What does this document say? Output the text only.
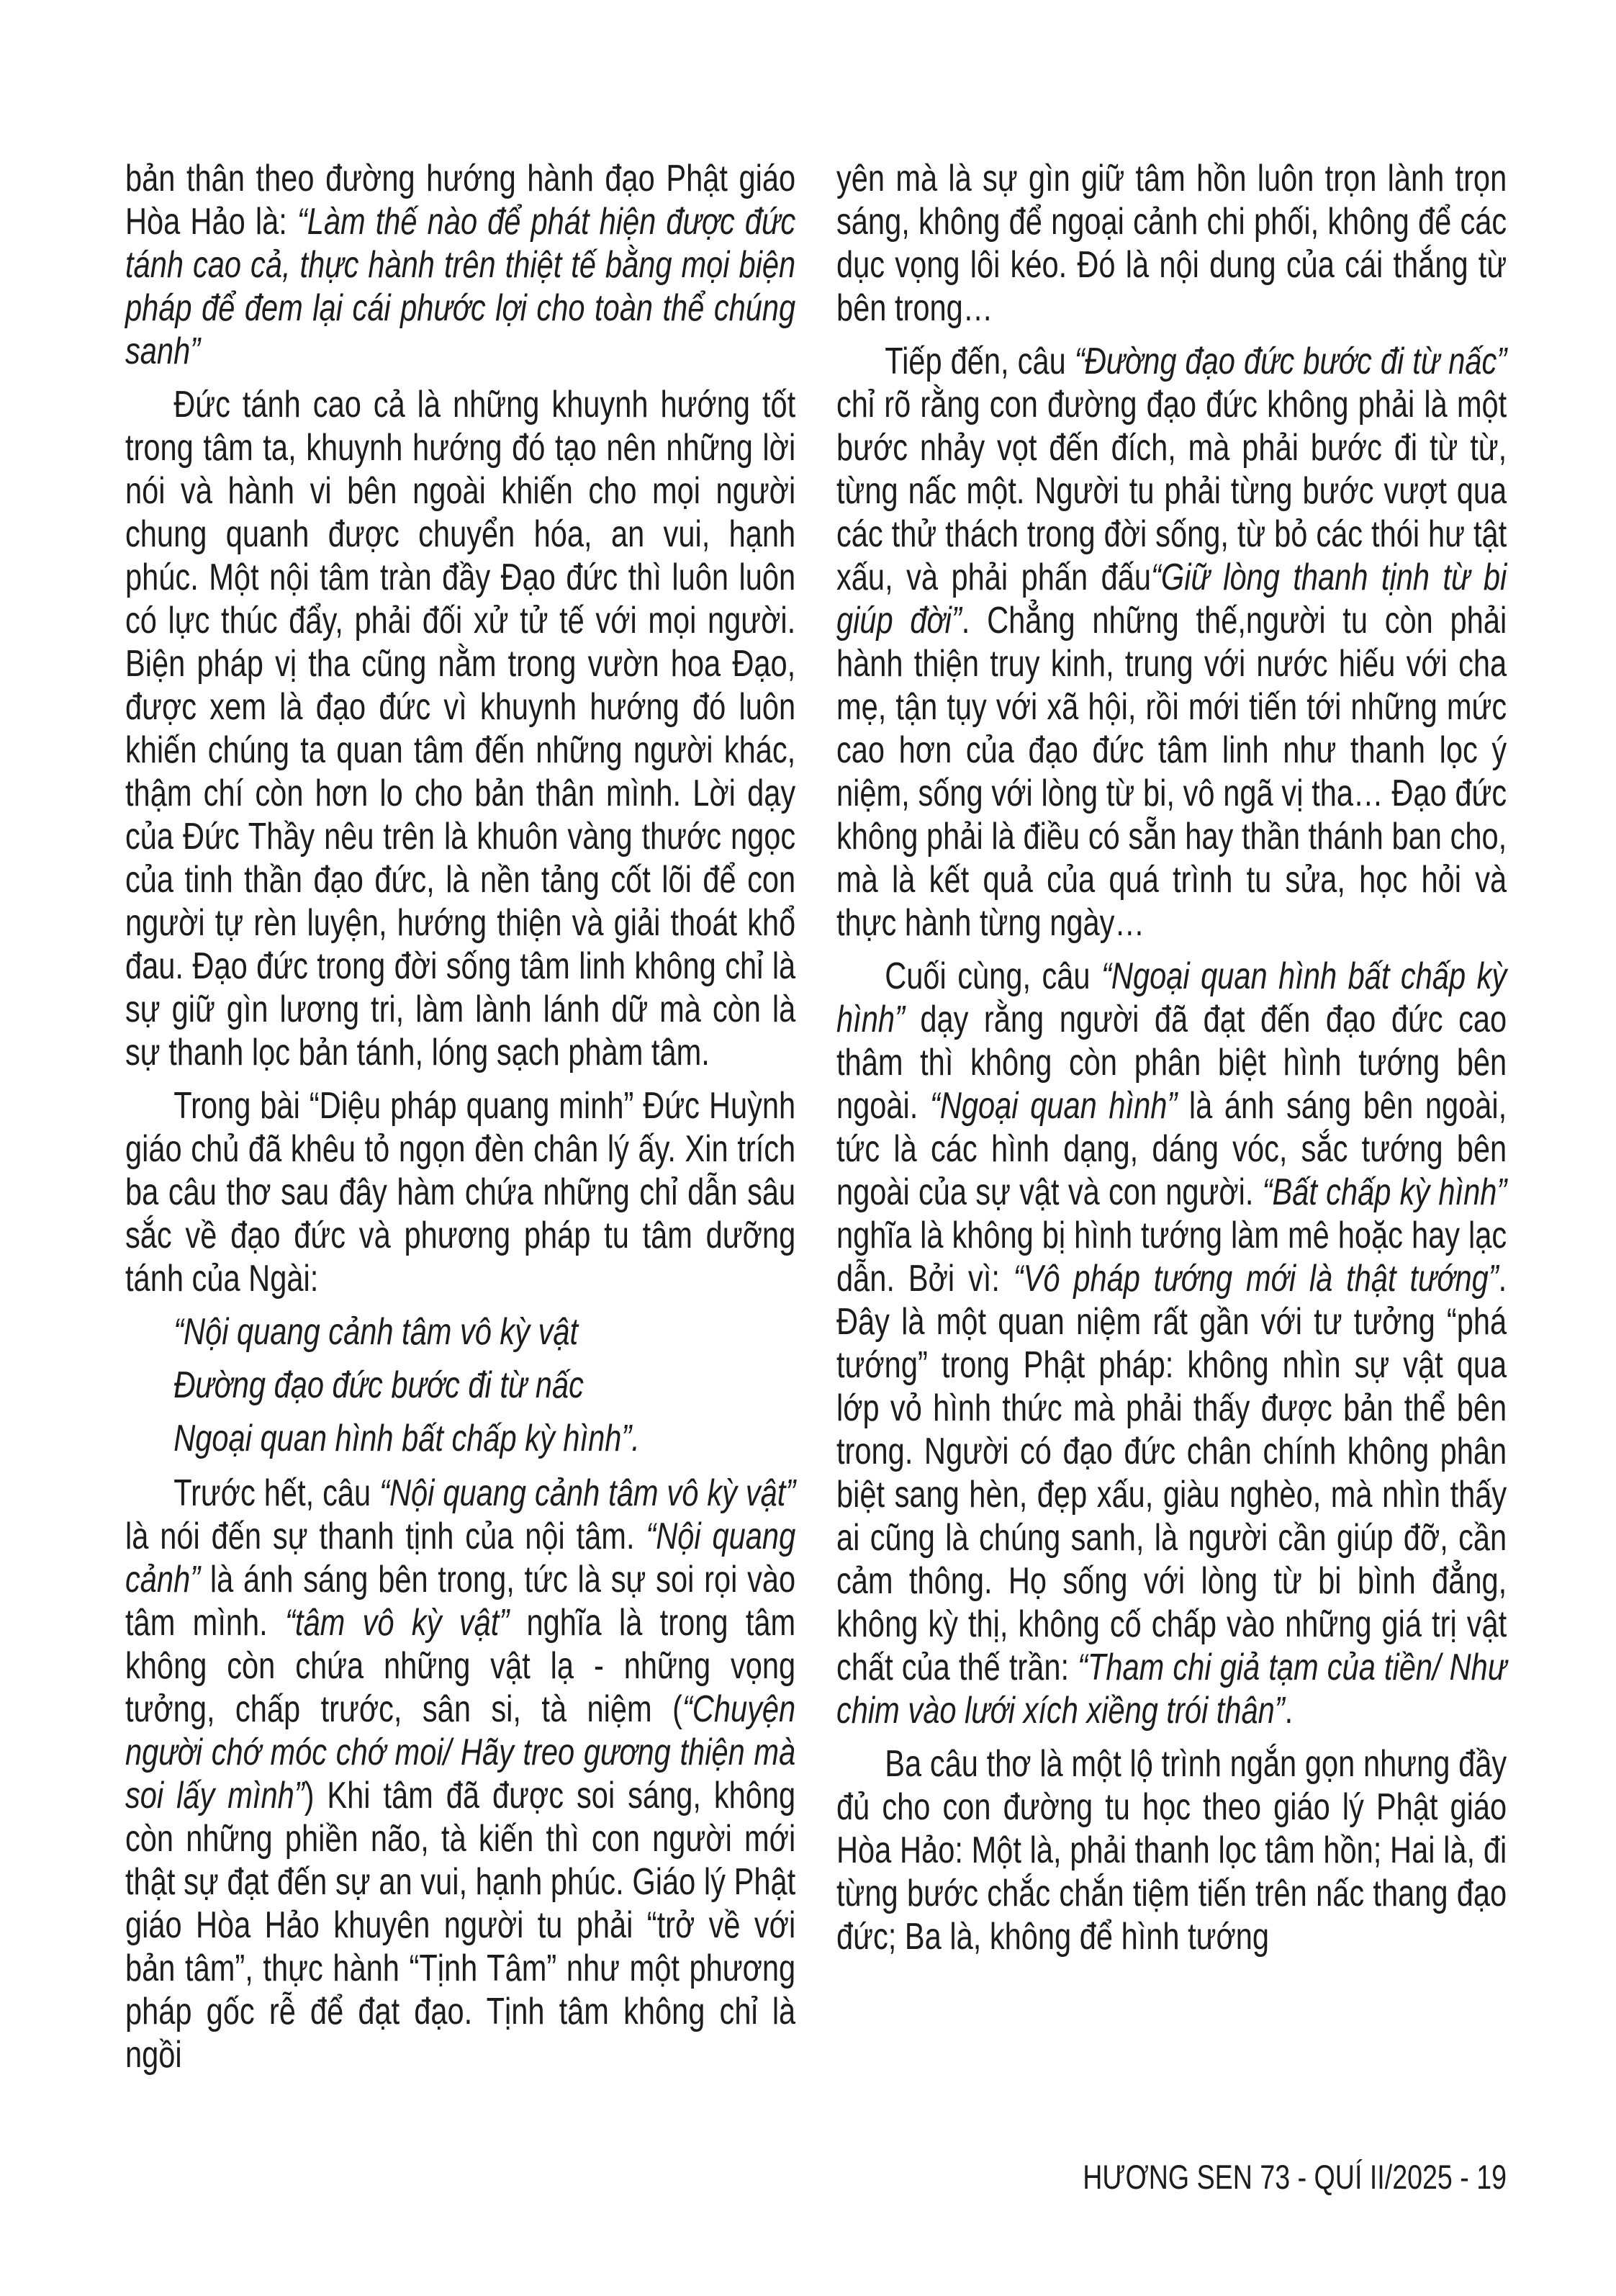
bản thân theo đường hướng hành đạo Phật giáo Hòa Hảo là: “Làm thế nào để phát hiện được đức tánh cao cả, thực hành trên thiệt tế bằng mọi biện pháp để đem lại cái phước lợi cho toàn thể chúng sanh”

Đức tánh cao cả là những khuynh hướng tốt trong tâm ta, khuynh hướng đó tạo nên những lời nói và hành vi bên ngoài khiến cho mọi người chung quanh được chuyển hóa, an vui, hạnh phúc. Một nội tâm tràn đầy Đạo đức thì luôn luôn có lực thúc đẩy, phải đối xử tử tế với mọi người. Biện pháp vị tha cũng nằm trong vườn hoa Đạo, được xem là đạo đức vì khuynh hướng đó luôn khiến chúng ta quan tâm đến những người khác, thậm chí còn hơn lo cho bản thân mình. Lời dạy của Đức Thầy nêu trên là khuôn vàng thước ngọc của tinh thần đạo đức, là nền tảng cốt lõi để con người tự rèn luyện, hướng thiện và giải thoát khổ đau. Đạo đức trong đời sống tâm linh không chỉ là sự giữ gìn lương tri, làm lành lánh dữ mà còn là sự thanh lọc bản tánh, lóng sạch phàm tâm.

Trong bài “Diệu pháp quang minh” Đức Huỳnh giáo chủ đã khêu tỏ ngọn đèn chân lý ấy. Xin trích ba câu thơ sau đây hàm chứa những chỉ dẫn sâu sắc về đạo đức và phương pháp tu tâm dưỡng tánh của Ngài:

“Nội quang cảnh tâm vô kỳ vật
Đường đạo đức bước đi từ nấc
Ngoại quan hình bất chấp kỳ hình”.

Trước hết, câu “Nội quang cảnh tâm vô kỳ vật” là nói đến sự thanh tịnh của nội tâm. “Nội quang cảnh” là ánh sáng bên trong, tức là sự soi rọi vào tâm mình. “tâm vô kỳ vật” nghĩa là trong tâm không còn chứa những vật lạ - những vọng tưởng, chấp trước, sân si, tà niệm (“Chuyện người chớ móc chớ moi/ Hãy treo gương thiện mà soi lấy mình”) Khi tâm đã được soi sáng, không còn những phiền não, tà kiến thì con người mới thật sự đạt đến sự an vui, hạnh phúc. Giáo lý Phật giáo Hòa Hảo khuyên người tu phải “trở về với bản tâm”, thực hành “Tịnh Tâm” như một phương pháp gốc rễ để đạt đạo. Tịnh tâm không chỉ là ngồi

yên mà là sự gìn giữ tâm hồn luôn trọn lành trọn sáng, không để ngoại cảnh chi phối, không để các dục vọng lôi kéo. Đó là nội dung của cái thắng từ bên trong…

Tiếp đến, câu “Đường đạo đức bước đi từ nấc” chỉ rõ rằng con đường đạo đức không phải là một bước nhảy vọt đến đích, mà phải bước đi từ từ, từng nấc một. Người tu phải từng bước vượt qua các thử thách trong đời sống, từ bỏ các thói hư tật xấu, và phải phấn đấu“Giữ lòng thanh tịnh từ bi giúp đời”. Chẳng những thế,người tu còn phải hành thiện truy kinh, trung với nước hiếu với cha mẹ, tận tụy với xã hội, rồi mới tiến tới những mức cao hơn của đạo đức tâm linh như thanh lọc ý niệm, sống với lòng từ bi, vô ngã vị tha… Đạo đức không phải là điều có sẵn hay thần thánh ban cho, mà là kết quả của quá trình tu sửa, học hỏi và thực hành từng ngày…

Cuối cùng, câu “Ngoại quan hình bất chấp kỳ hình” dạy rằng người đã đạt đến đạo đức cao thâm thì không còn phân biệt hình tướng bên ngoài. “Ngoại quan hình” là ánh sáng bên ngoài, tức là các hình dạng, dáng vóc, sắc tướng bên ngoài của sự vật và con người. “Bất chấp kỳ hình” nghĩa là không bị hình tướng làm mê hoặc hay lạc dẫn. Bởi vì: “Vô pháp tướng mới là thật tướng”. Đây là một quan niệm rất gần với tư tưởng “phá tướng” trong Phật pháp: không nhìn sự vật qua lớp vỏ hình thức mà phải thấy được bản thể bên trong. Người có đạo đức chân chính không phân biệt sang hèn, đẹp xấu, giàu nghèo, mà nhìn thấy ai cũng là chúng sanh, là người cần giúp đỡ, cần cảm thông. Họ sống với lòng từ bi bình đẳng, không kỳ thị, không cố chấp vào những giá trị vật chất của thế trần: “Tham chi giả tạm của tiền/ Như chim vào lưới xích xiềng trói thân”.

Ba câu thơ là một lộ trình ngắn gọn nhưng đầy đủ cho con đường tu học theo giáo lý Phật giáo Hòa Hảo: Một là, phải thanh lọc tâm hồn; Hai là, đi từng bước chắc chắn tiệm tiến trên nấc thang đạo đức; Ba là, không để hình tướng

HƯƠNG SEN 73 - QUÍ II/2025 - 19
